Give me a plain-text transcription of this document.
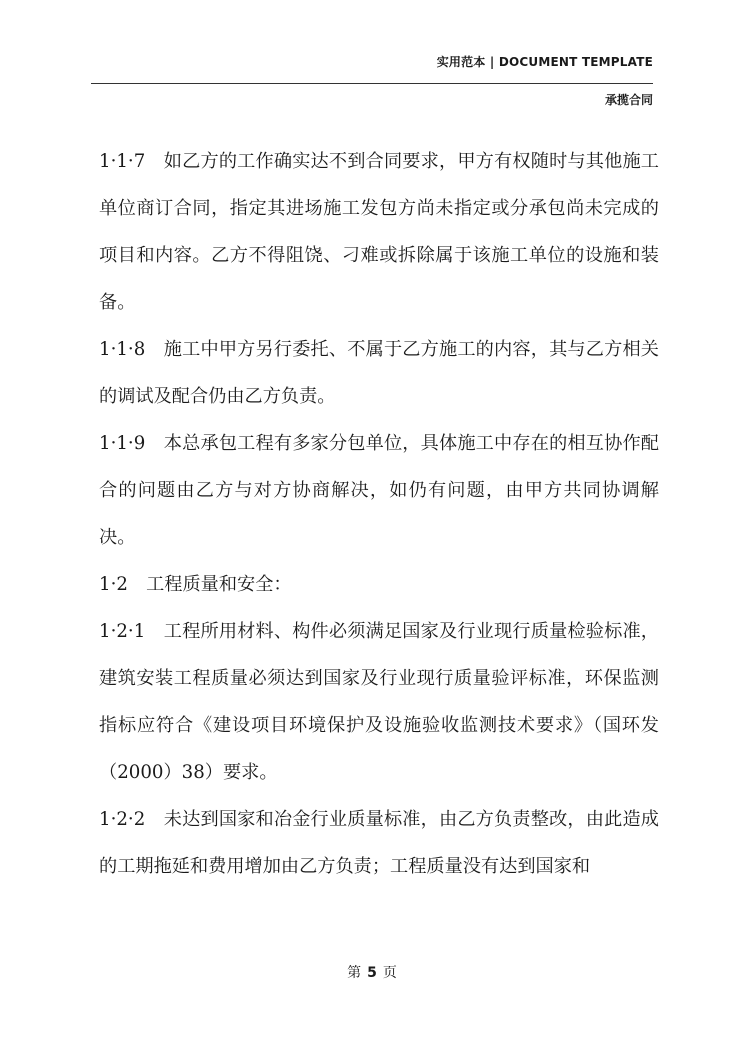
实用范本 | DOCUMENT TEMPLATE
承揽合同

1·1·7　如乙方的工作确实达不到合同要求，甲方有权随时与其他施工单位商订合同，指定其进场施工发包方尚未指定或分承包尚未完成的项目和内容。乙方不得阻饶、刁难或拆除属于该施工单位的设施和装备。

1·1·8　施工中甲方另行委托、不属于乙方施工的内容，其与乙方相关的调试及配合仍由乙方负责。

1·1·9　本总承包工程有多家分包单位，具体施工中存在的相互协作配合的问题由乙方与对方协商解决，如仍有问题，由甲方共同协调解决。

1·2　工程质量和安全：

1·2·1　工程所用材料、构件必须满足国家及行业现行质量检验标准，建筑安装工程质量必须达到国家及行业现行质量验评标准，环保监测指标应符合《建设项目环境保护及设施验收监测技术要求》（国环发（2000）38）要求。

1·2·2　未达到国家和冶金行业质量标准，由乙方负责整改，由此造成的工期拖延和费用增加由乙方负责；工程质量没有达到国家和

第 5 页
